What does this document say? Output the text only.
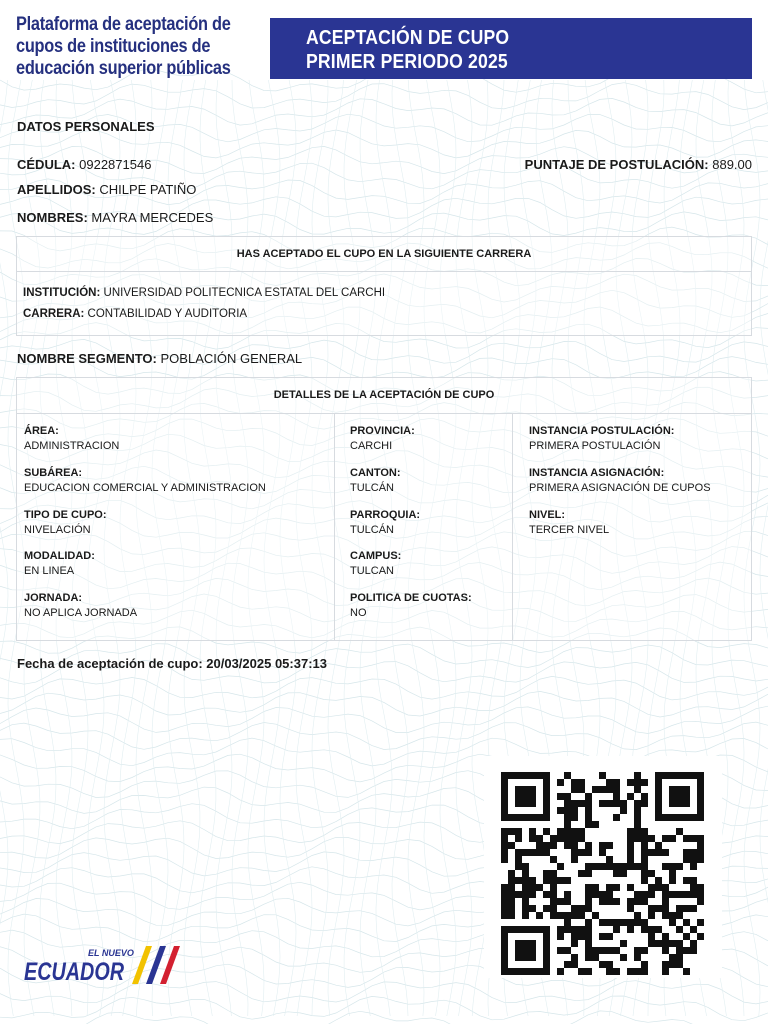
Plataforma de aceptación de
cupos de instituciones de
educación superior públicas
ACEPTACIÓN DE CUPO
PRIMER PERIODO 2025
DATOS PERSONALES
CÉDULA: 0922871546	PUNTAJE DE POSTULACIÓN: 889.00
APELLIDOS: CHILPE PATIÑO
NOMBRES: MAYRA MERCEDES
HAS ACEPTADO EL CUPO EN LA SIGUIENTE CARRERA
INSTITUCIÓN: UNIVERSIDAD POLITECNICA ESTATAL DEL CARCHI
CARRERA: CONTABILIDAD Y AUDITORIA
NOMBRE SEGMENTO: POBLACIÓN GENERAL
DETALLES DE LA ACEPTACIÓN DE CUPO
ÁREA:
ADMINISTRACION
SUBÁREA:
EDUCACION COMERCIAL Y ADMINISTRACION
TIPO DE CUPO:
NIVELACIÓN
MODALIDAD:
EN LINEA
JORNADA:
NO APLICA JORNADA
PROVINCIA:
CARCHI
CANTON:
TULCÁN
PARROQUIA:
TULCÁN
CAMPUS:
TULCAN
POLITICA DE CUOTAS:
NO
INSTANCIA POSTULACIÓN:
PRIMERA POSTULACIÓN
INSTANCIA ASIGNACIÓN:
PRIMERA ASIGNACIÓN DE CUPOS
NIVEL:
TERCER NIVEL
Fecha de aceptación de cupo: 20/03/2025 05:37:13
EL NUEVO
ECUADOR
